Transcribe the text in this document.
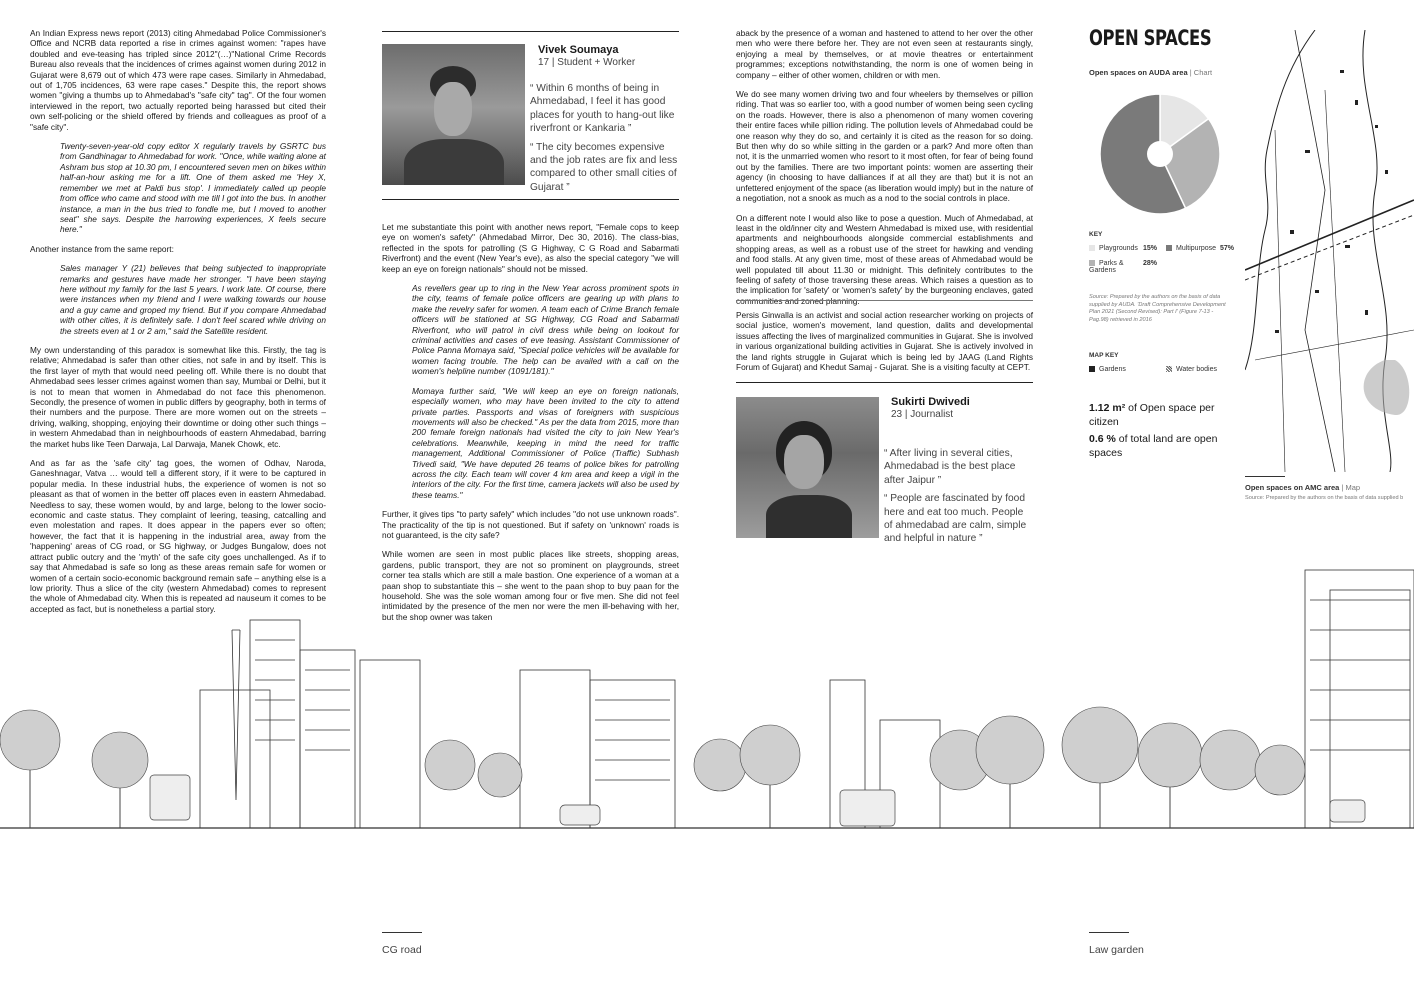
An Indian Express news report (2013) citing Ahmedabad Police Commissioner's Office and NCRB data reported a rise in crimes against women: "rapes have doubled and eve-teasing has tripled since 2012"(…)"National Crime Records Bureau also reveals that the incidences of crimes against women during 2012 in Gujarat were 8,679 out of which 473 were rape cases. Similarly in Ahmedabad, out of 1,705 incidences, 63 were rape cases." Despite this, the report shows women "giving a thumbs up to Ahmedabad's "safe city" tag". Of the four women interviewed in the report, two actually reported being harassed but cited their own self-policing or the shield offered by friends and colleagues as proof of a "safe city".

Twenty-seven-year-old copy editor X regularly travels by GSRTC bus from Gandhinagar to Ahmedabad for work. "Once, while waiting alone at Ashram bus stop at 10.30 pm, I encountered seven men on bikes within half-an-hour asking me for a lift. One of them asked me 'Hey X, remember we met at Paldi bus stop'. I immediately called up people from office who came and stood with me till I got into the bus. In another instance, a man in the bus tried to fondle me, but I moved to another seat" she says. Despite the harrowing experiences, X feels secure here."

Another instance from the same report:

Sales manager Y (21) believes that being subjected to inappropriate remarks and gestures have made her stronger. "I have been staying here without my family for the last 5 years. I work late. Of course, there were instances when my friend and I were walking towards our house and a guy came and groped my friend. But if you compare Ahmedabad with other cities, it is definitely safe. I don't feel scared while driving on the streets even at 1 or 2 am," said the Satellite resident.

My own understanding of this paradox is somewhat like this. Firstly, the tag is relative; Ahmedabad is safer than other cities, not safe in and by itself. This is the first layer of myth that would need peeling off. While there is no doubt that Ahmedabad sees lesser crimes against women than say, Mumbai or Delhi, but it is not to mean that women in Ahmedabad do not face this phenomenon. Secondly, the presence of women in public differs by geography, both in terms of their numbers and the purpose. There are more women out on the streets – driving, walking, shopping, enjoying their downtime or doing other such things – in western Ahmedabad than in neighbourhoods of eastern Ahmedabad, barring the market hubs like Teen Darwaja, Lal Darwaja, Manek Chowk, etc.

And as far as the 'safe city' tag goes, the women of Odhav, Naroda, Ganeshnagar, Vatva … would tell a different story, if it were to be captured in popular media. In these industrial hubs, the experience of women is not so pleasant as that of women in the better off places even in eastern Ahmedabad. Needless to say, these women would, by and large, belong to the lower socio-economic and caste status. They complaint of leering, teasing, catcalling and even molestation and rapes. It does appear in the papers ever so often; however, the fact that it is happening in the industrial area, away from the 'happening' areas of CG road, or SG highway, or Judges Bungalow, does not attract public outcry and the 'myth' of the safe city goes unchallenged. As if to say that Ahmedabad is safe so long as these areas remain safe for women or women of a certain socio-economic background remain safe – anything else is a low priority. Thus a slice of the city (western Ahmedabad) comes to represent the whole of Ahmedabad city. When this is repeated ad nauseum it comes to be accepted as fact, but is nonetheless a partial story.

Vivek Soumaya
17 | Student + Worker
“ Within 6 months of being in Ahmedabad, I feel it has good places for youth to hang-out like riverfront or Kankaria ”
“ The city becomes expensive and the job rates are fix and less compared to other small cities of Gujarat ”

Let me substantiate this point with another news report, "Female cops to keep eye on women's safety" (Ahmedabad Mirror, Dec 30, 2016). The class-bias, reflected in the spots for patrolling (S G Highway, C G Road and Sabarmati Riverfront) and the event (New Year's eve), as also the special category "we will keep an eye on foreign nationals" should not be missed.

As revellers gear up to ring in the New Year across prominent spots in the city, teams of female police officers are gearing up with plans to make the revelry safer for women. A team each of Crime Branch female officers will be stationed at SG Highway, CG Road and Sabarmati Riverfront, who will patrol in civil dress while being on lookout for criminal activities and cases of eve teasing. Assistant Commissioner of Police Panna Momaya said, "Special police vehicles will be available for women facing trouble. The help can be availed with a call on the women's helpline number (1091/181)."

Momaya further said, "We will keep an eye on foreign nationals, especially women, who may have been invited to the city to attend private parties. Passports and visas of foreigners with suspicious movements will also be checked." As per the data from 2015, more than 200 female foreign nationals had visited the city to join New Year's celebrations. Meanwhile, keeping in mind the need for traffic management, Additional Commissioner of Police (Traffic) Subhash Trivedi said, "We have deputed 26 teams of police bikes for patrolling across the city. Each team will cover 4 km area and keep a vigil in the interiors of the city. For the first time, camera jackets will also be used by these teams."

Further, it gives tips "to party safely" which includes "do not use unknown roads". The practicality of the tip is not questioned. But if safety on 'unknown' roads is not guaranteed, is the city safe?

While women are seen in most public places like streets, shopping areas, gardens, public transport, they are not so prominent on playgrounds, street corner tea stalls which are still a male bastion. One experience of a woman at a paan shop to substantiate this – she went to the paan shop to buy paan for the household. She was the sole woman among four or five men. She did not feel intimidated by the presence of the men nor were the men ill-behaving with her, but the shop owner was taken

aback by the presence of a woman and hastened to attend to her over the other men who were there before her. They are not even seen at restaurants singly, enjoying a meal by themselves, or at movie theatres or entertainment programmes; exceptions notwithstanding, the norm is one of women being in company – either of other women, children or with men.

We do see many women driving two and four wheelers by themselves or pillion riding. That was so earlier too, with a good number of women being seen cycling on the roads. However, there is also a phenomenon of many women covering their entire faces while pillion riding. The pollution levels of Ahmedabad could be one reason why they do so, and certainly it is cited as the reason for so doing. But then why do so while sitting in the garden or a park? And more often than not, it is the unmarried women who resort to it most often, for fear of being found out by the families. There are two important points: women are asserting their agency (in choosing to have dalliances if at all they are that) but it is not an unfettered enjoyment of the space (as liberation would imply) but in the nature of a negotiation, not a snook as much as a nod to the social controls in place.

On a different note I would also like to pose a question. Much of Ahmedabad, at least in the old/inner city and Western Ahmedabad is mixed use, with residential apartments and neighbourhoods alongside commercial establishments and shopping areas, as well as a robust use of the street for hawking and vending and food stalls. At any given time, most of these areas of Ahmedabad would be well populated till about 11.30 or midnight. This definitely contributes to the feeling of safety of those traversing these areas. Which raises a question as to the implication for 'safety' or 'women's safety' by the burgeoning enclaves, gated

Persis Ginwalla is an activist and social action researcher working on projects of social justice, women's movement, land question, dalits and developmental issues affecting the lives of marginalized communities in Gujarat. She is involved in various organizational building activities in Gujarat. She is actively involved in the land rights struggle in Gujarat which is being led by JAAG (Land Rights Forum of Gujarat) and Khedut Samaj - Gujarat. She is a visiting faculty at CEPT.
Sukirti Dwivedi
23 | Journalist
“ After living in several cities, Ahmedabad is the best place after Jaipur ”
“ People are fascinated by food here and eat too much. People of ahmedabad are calm, simple and helpful in nature ”
OPEN SPACES
Open spaces on AUDA area | Chart
KEY
Playgrounds 15%	Multipurpose 57%
Parks & Gardens
28%
Source: Prepared by the authors on the basis of data supplied by AUDA. 'Draft Comprehensive Development Plan 2021 (Second Revised): Part I' (Figure 7-13 - Pag.98) retrieved in 2016
MAP KEY
Gardens	Water bodies
1.12 m² of Open space per citizen
0.6 % of total land are open spaces
Open spaces on AMC area | Map
Source: Prepared by the authors on the basis of data supplied b
CG road	Law garden
